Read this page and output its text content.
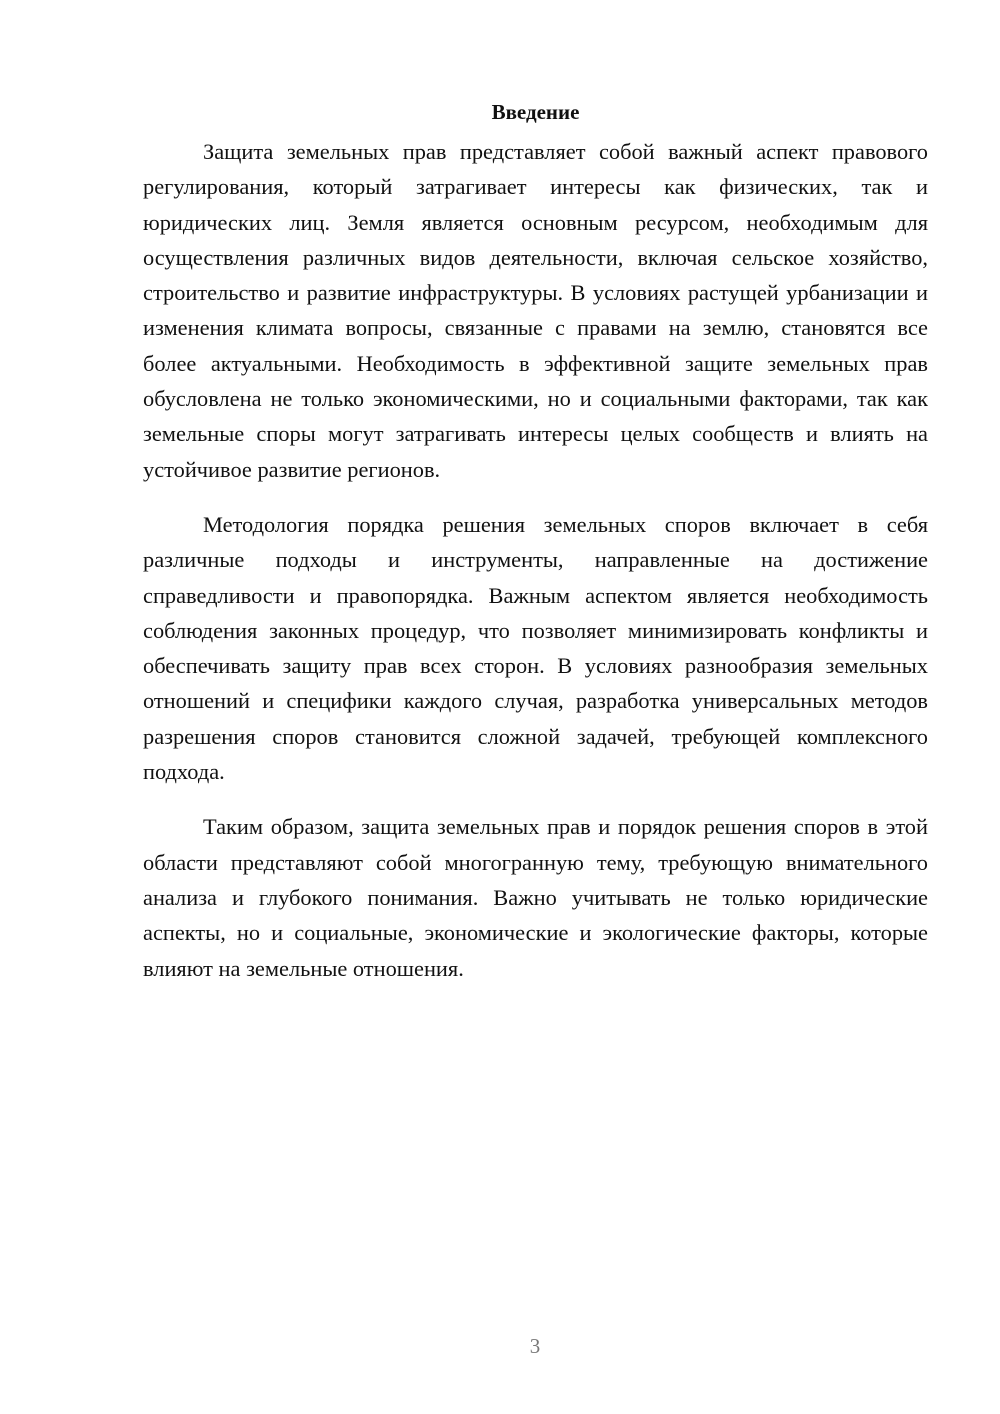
Введение

Защита земельных прав представляет собой важный аспект правового регулирования, который затрагивает интересы как физических, так и юридических лиц. Земля является основным ресурсом, необходимым для осуществления различных видов деятельности, включая сельское хозяйство, строительство и развитие инфраструктуры. В условиях растущей урбанизации и изменения климата вопросы, связанные с правами на землю, становятся все более актуальными. Необходимость в эффективной защите земельных прав обусловлена не только экономическими, но и социальными факторами, так как земельные споры могут затрагивать интересы целых сообществ и влиять на устойчивое развитие регионов.

Методология порядка решения земельных споров включает в себя различные подходы и инструменты, направленные на достижение справедливости и правопорядка. Важным аспектом является необходимость соблюдения законных процедур, что позволяет минимизировать конфликты и обеспечивать защиту прав всех сторон. В условиях разнообразия земельных отношений и специфики каждого случая, разработка универсальных методов разрешения споров становится сложной задачей, требующей комплексного подхода.

Таким образом, защита земельных прав и порядок решения споров в этой области представляют собой многогранную тему, требующую внимательного анализа и глубокого понимания. Важно учитывать не только юридические аспекты, но и социальные, экономические и экологические факторы, которые влияют на земельные отношения.

3
